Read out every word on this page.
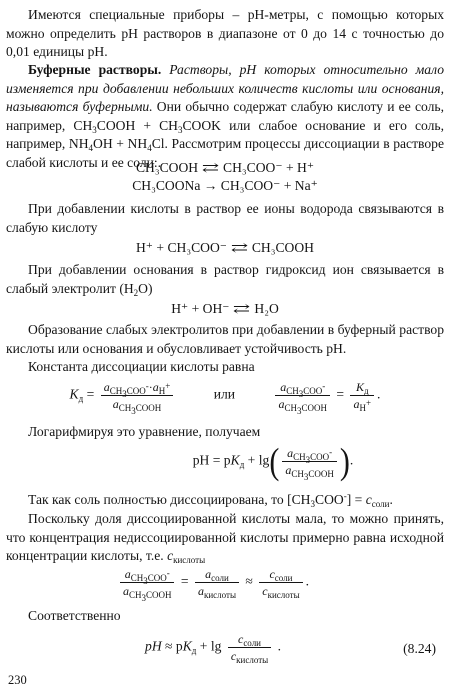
Имеются специальные приборы – pH-метры, с помощью которых можно определить pH растворов в диапазоне от 0 до 14 с точностью до 0,01 единицы pH.
Буферные растворы. Растворы, pH которых относительно мало изменяется при добавлении небольших количеств кислоты или основания, называются буферными. Они обычно содержат слабую кислоту и ее соль, например, $CH_3COOH$ + $CH_3COOK$ или слабое основание и его соль, например, $NH_4OH + NH_4Cl$. Рассмотрим процессы диссоциации в растворе слабой кислоты и ее соли:.
CH₃COOH ⇄ CH₃COO⁻ + H⁺
CH₃COONa → CH₃COO⁻ + Na⁺
При добавлении кислоты в раствор ее ионы водорода связываются в слабую кислоту
H⁺ + CH₃COO⁻ ⇄ CH₃COOH
При добавлении основания в раствор гидроксид ион связывается в слабый электролит $(H_2O)$
H⁺ + OH⁻ ⇄ H₂O
Образование слабых электролитов при добавлении в буферный раствор кислоты или основания и обусловливает устойчивость pH.
Константа диссоциации кислоты равна
$K_д = \frac{a_{CH_3COO^-}\cdot a_{H^+}}{a_{CH_3COOH}}$	или	$\frac{a_{CH_3COO^-}}{a_{CH_3COOH}} = \frac{K_д}{a_{H^+}}$ .
Логарифмируя это уравнение, получаем
pH = $pK_д + \lg( \frac{a_{CH_3COO^-}}{a_{CH_3COOH}}$ ).
Так как соль полностью диссоциирована, то $[CH_3COO^-] = c_{соли}$.
Поскольку доля диссоциированной кислоты мала, то можно принять, что концентрация недиссоциированной кислоты примерно равна исходной концентрации кислоты, т.е. $c_{кислоты}$
$\frac{a_{CH_3COO^-}}{a_{CH_3COOH}} = \frac{a_{соли}}{a_{кислоты}} \approx \frac{c_{соли}}{c_{кислоты}}$ .
Соответственно
pH ≈ $pK_д + \lg \frac{c_{соли}}{c_{кислоты}}$ .	(8.24)
230
